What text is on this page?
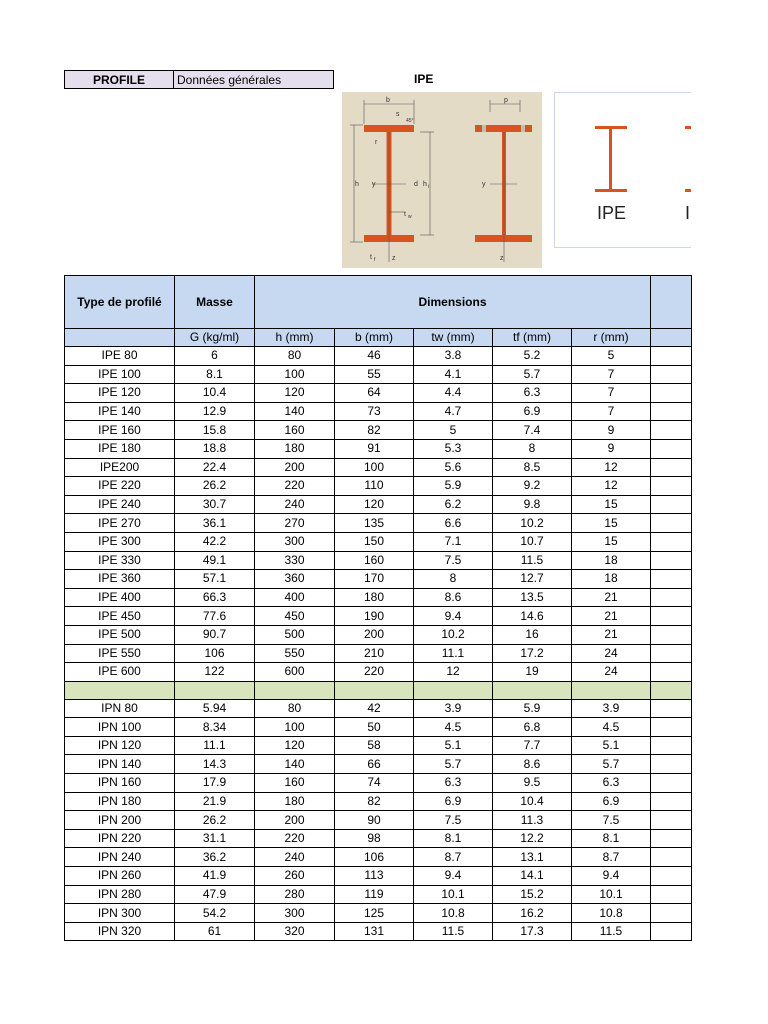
PROFILE	Données générales	IPE
b
s
45°
r
h	d h i
y
t w
t f z
p
y
z
IPE	I
Type de profilé	Masse	Dimensions					
	G (kg/ml)	h (mm)	b (mm)	tw (mm)	tf (mm)	r (mm)	
IPE 80	6	80	46	3.8	5.2	5	
IPE 100	8.1	100	55	4.1	5.7	7	
IPE 120	10.4	120	64	4.4	6.3	7	
IPE 140	12.9	140	73	4.7	6.9	7	
IPE 160	15.8	160	82	5	7.4	9	
IPE 180	18.8	180	91	5.3	8	9	
IPE200	22.4	200	100	5.6	8.5	12	
IPE 220	26.2	220	110	5.9	9.2	12	
IPE 240	30.7	240	120	6.2	9.8	15	
IPE 270	36.1	270	135	6.6	10.2	15	
IPE 300	42.2	300	150	7.1	10.7	15	
IPE 330	49.1	330	160	7.5	11.5	18	
IPE 360	57.1	360	170	8	12.7	18	
IPE 400	66.3	400	180	8.6	13.5	21	
IPE 450	77.6	450	190	9.4	14.6	21	
IPE 500	90.7	500	200	10.2	16	21	
IPE 550	106	550	210	11.1	17.2	24	
IPE 600	122	600	220	12	19	24	

IPN 80	5.94	80	42	3.9	5.9	3.9	
IPN 100	8.34	100	50	4.5	6.8	4.5	
IPN 120	11.1	120	58	5.1	7.7	5.1	
IPN 140	14.3	140	66	5.7	8.6	5.7	
IPN 160	17.9	160	74	6.3	9.5	6.3	
IPN 180	21.9	180	82	6.9	10.4	6.9	
IPN 200	26.2	200	90	7.5	11.3	7.5	
IPN 220	31.1	220	98	8.1	12.2	8.1	
IPN 240	36.2	240	106	8.7	13.1	8.7	
IPN 260	41.9	260	113	9.4	14.1	9.4	
IPN 280	47.9	280	119	10.1	15.2	10.1	
IPN 300	54.2	300	125	10.8	16.2	10.8	
IPN 320	61	320	131	11.5	17.3	11.5	
